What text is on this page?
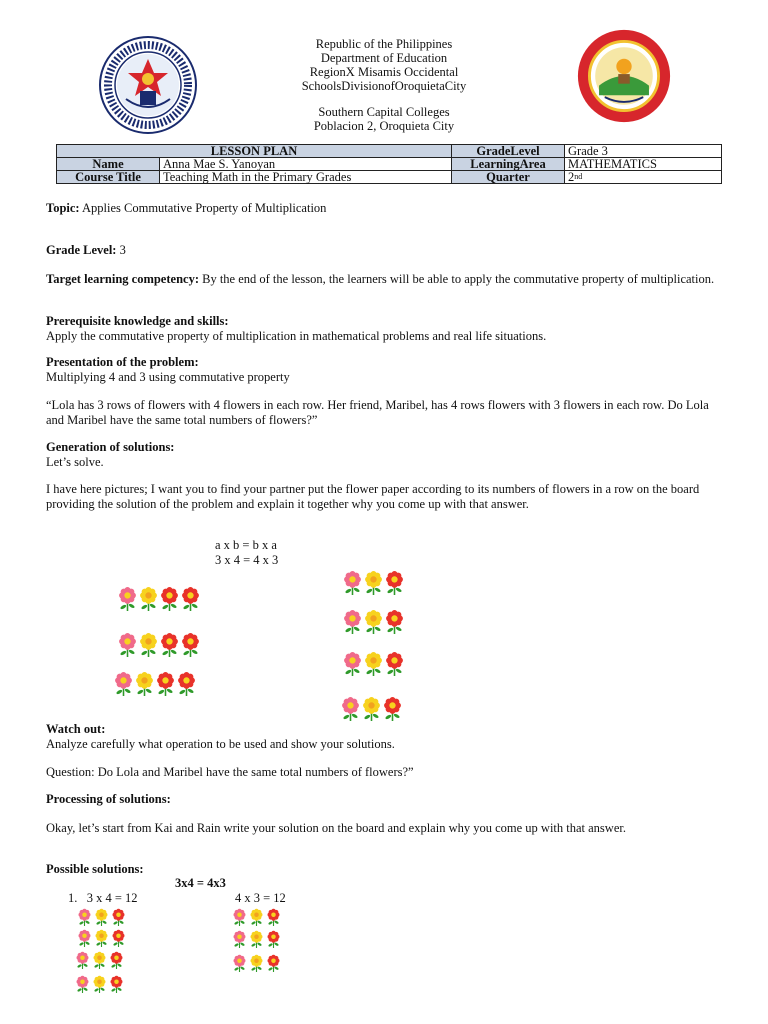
Republic of the Philippines
Department of Education
RegionX Misamis Occidental
SchoolsDivisionofOroquietaCity
Southern Capital Colleges
Poblacion 2, Oroquieta City
LESSON PLAN		GradeLevel	Grade 3
Name	Anna Mae S. Yanoyan	LearningArea	MATHEMATICS
Course Title	Teaching Math in the Primary Grades	Quarter	2nd
Topic: Applies Commutative Property of Multiplication
Grade Level: 3
Target learning competency: By the end of the lesson, the learners will be able to apply the commutative property of multiplication.
Prerequisite knowledge and skills:
Apply the commutative property of multiplication in mathematical problems and real life situations.
Presentation of the problem:
Multiplying 4 and 3 using commutative property
“Lola has 3 rows of flowers with 4 flowers in each row. Her friend, Maribel, has 4 rows flowers with 3 flowers in each row. Do Lola and Maribel have the same total numbers of flowers?”
Generation of solutions:
Let’s solve.
I have here pictures; I want you to find your partner put the flower paper according to its numbers of flowers in a row on the board providing the solution of the problem and explain it together why you come up with that answer.
a x b = b x a
3 x 4 = 4 x 3
Watch out:
Analyze carefully what operation to be used and show your solutions.
Question: Do Lola and Maribel have the same total numbers of flowers?”
Processing of solutions:
Okay, let’s start from Kai and Rain write your solution on the board and explain why you come up with that answer.
Possible solutions:
3x4 = 4x3
1. 3 x 4 = 12	4 x 3 = 12
